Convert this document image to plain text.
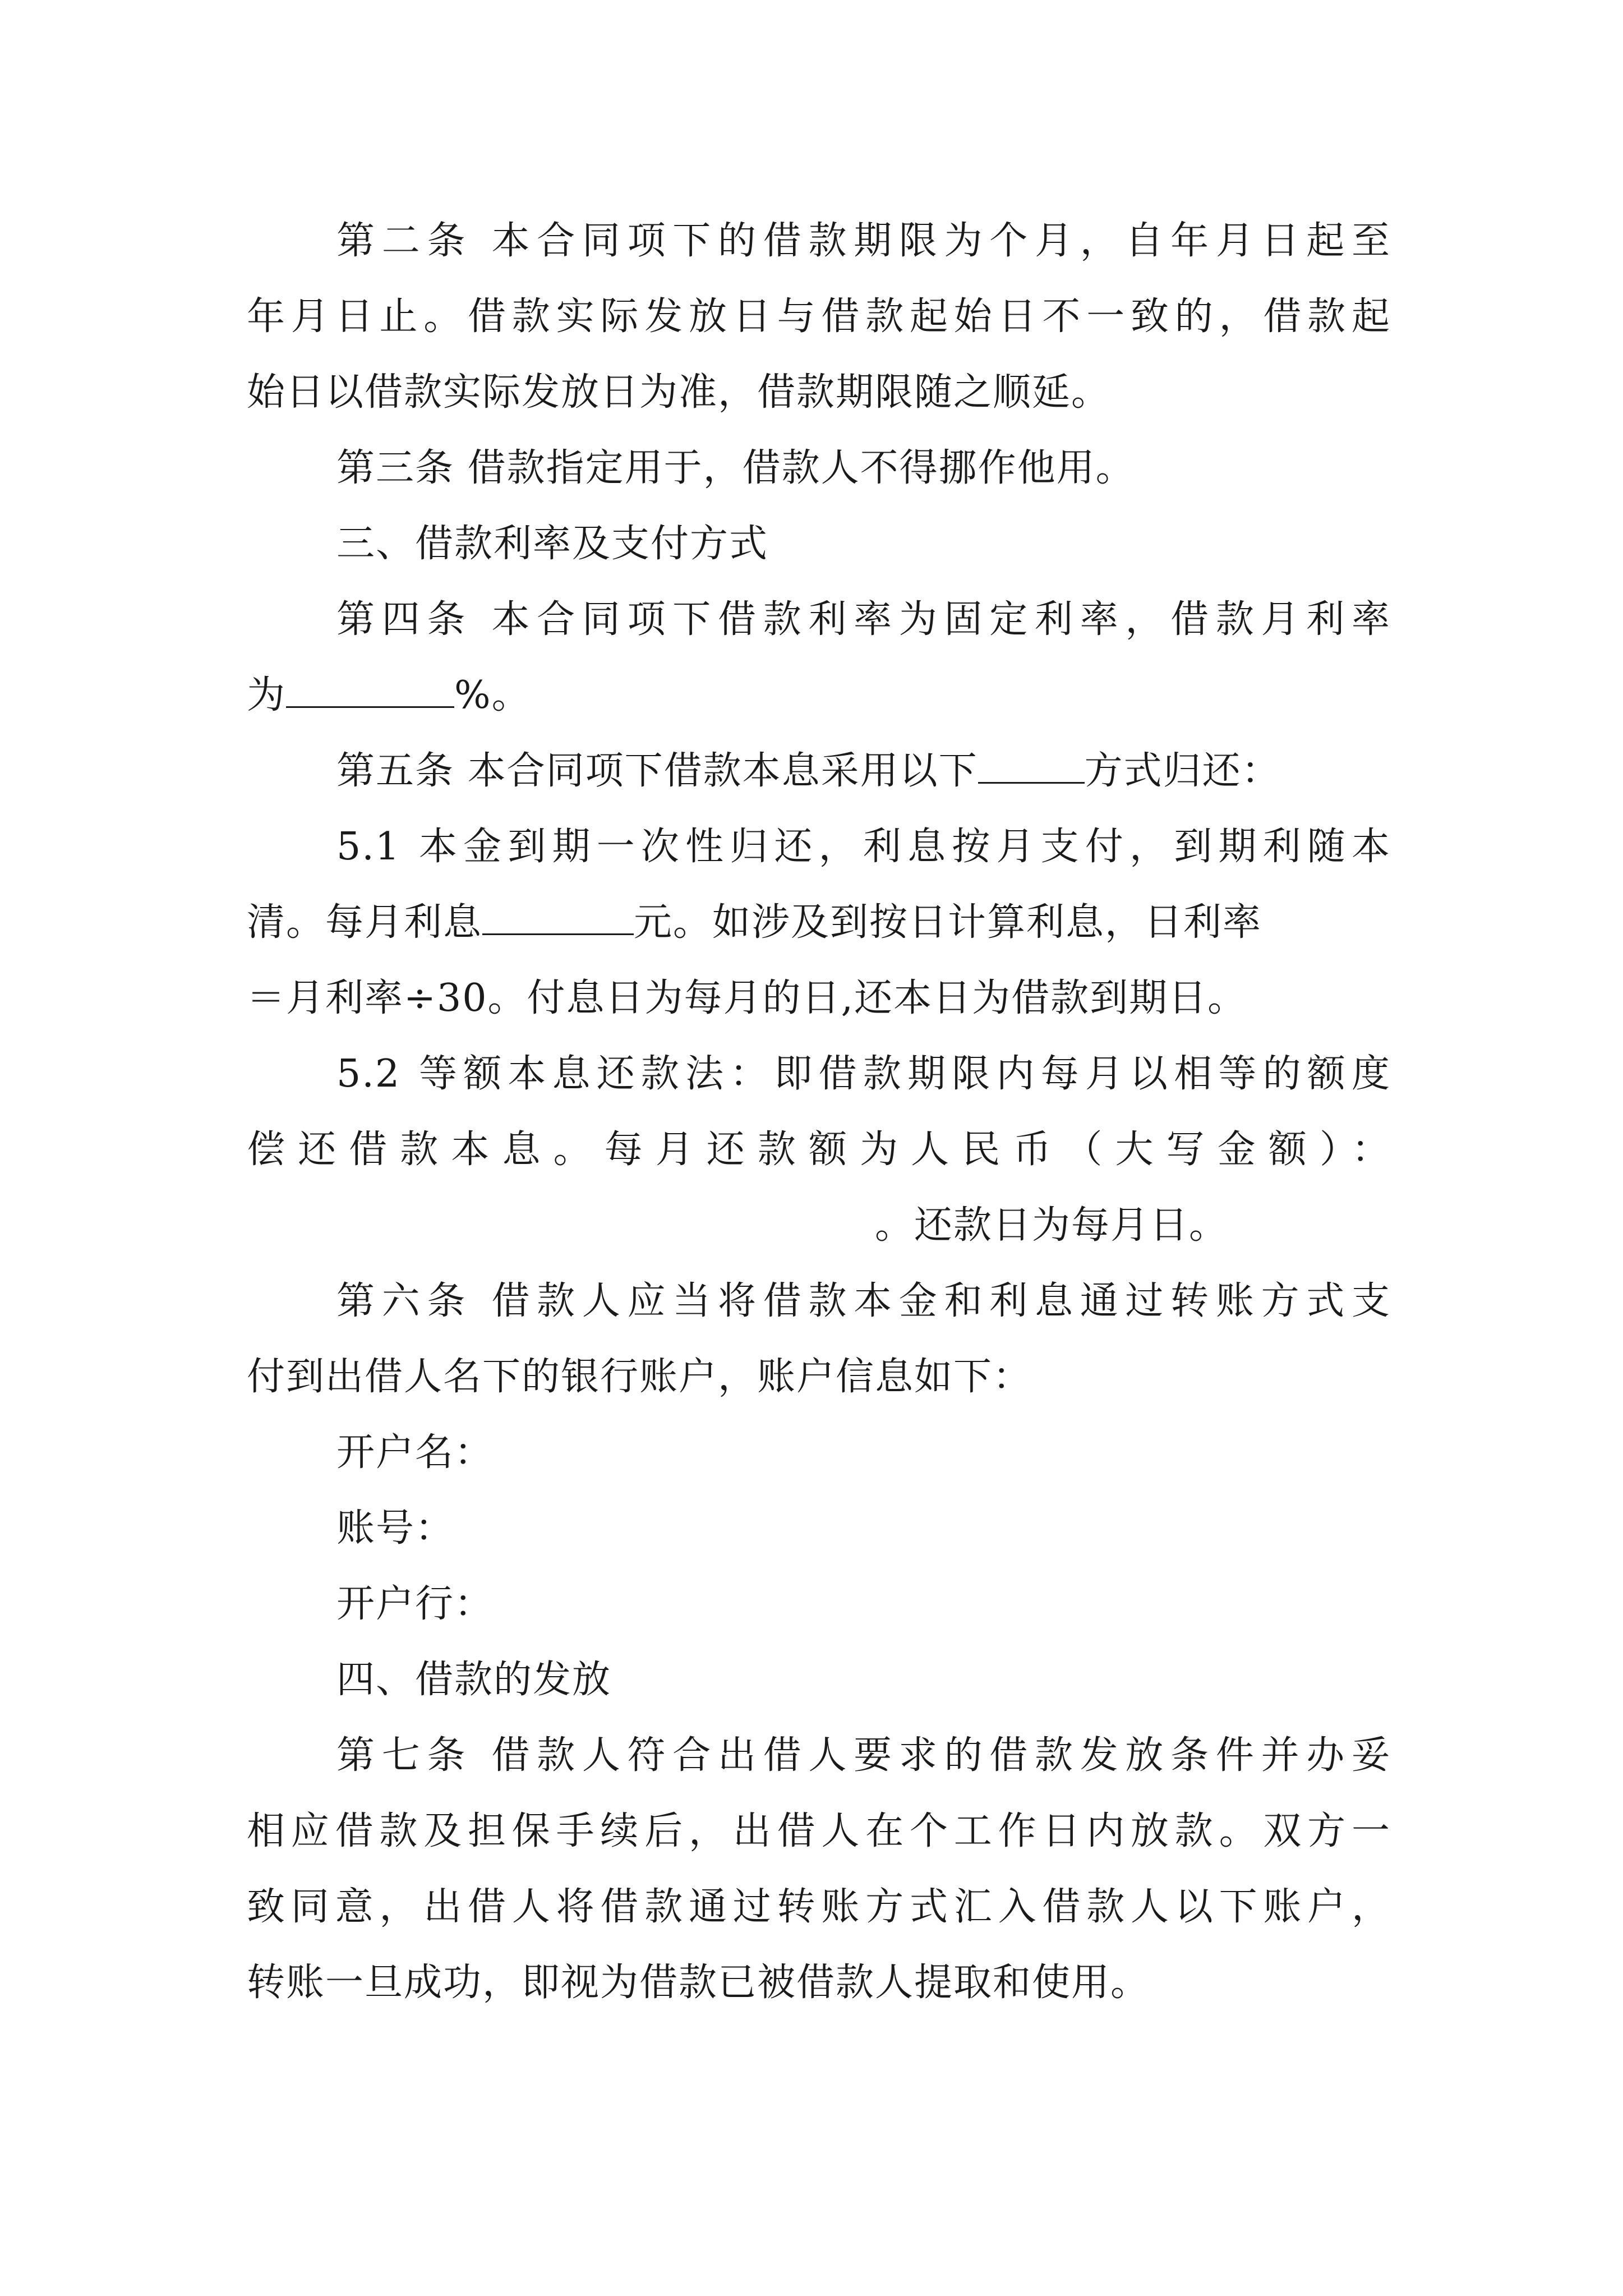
第二条 本合同项下的借款期限为个月，自年月日起至
年月日止。借款实际发放日与借款起始日不一致的，借款起
始日以借款实际发放日为准，借款期限随之顺延。
第三条 借款指定用于，借款人不得挪作他用。
三、借款利率及支付方式
第四条 本合同项下借款利率为固定利率，借款月利率
为	%。
第五条 本合同项下借款本息采用以下	方式归还：
5.1 本金到期一次性归还，利息按月支付，到期利随本
清。每月利息	元。如涉及到按日计算利息，日利率
＝月利率÷30。付息日为每月的日,还本日为借款到期日。
5.2 等额本息还款法：即借款期限内每月以相等的额度
偿还借款本息。每月还款额为人民币（大写金额）：
。还款日为每月日。
第六条 借款人应当将借款本金和利息通过转账方式支
付到出借人名下的银行账户，账户信息如下：
开户名：
账号：
开户行：
四、借款的发放
第七条 借款人符合出借人要求的借款发放条件并办妥
相应借款及担保手续后，出借人在个工作日内放款。双方一
致同意，出借人将借款通过转账方式汇入借款人以下账户，
转账一旦成功，即视为借款已被借款人提取和使用。
